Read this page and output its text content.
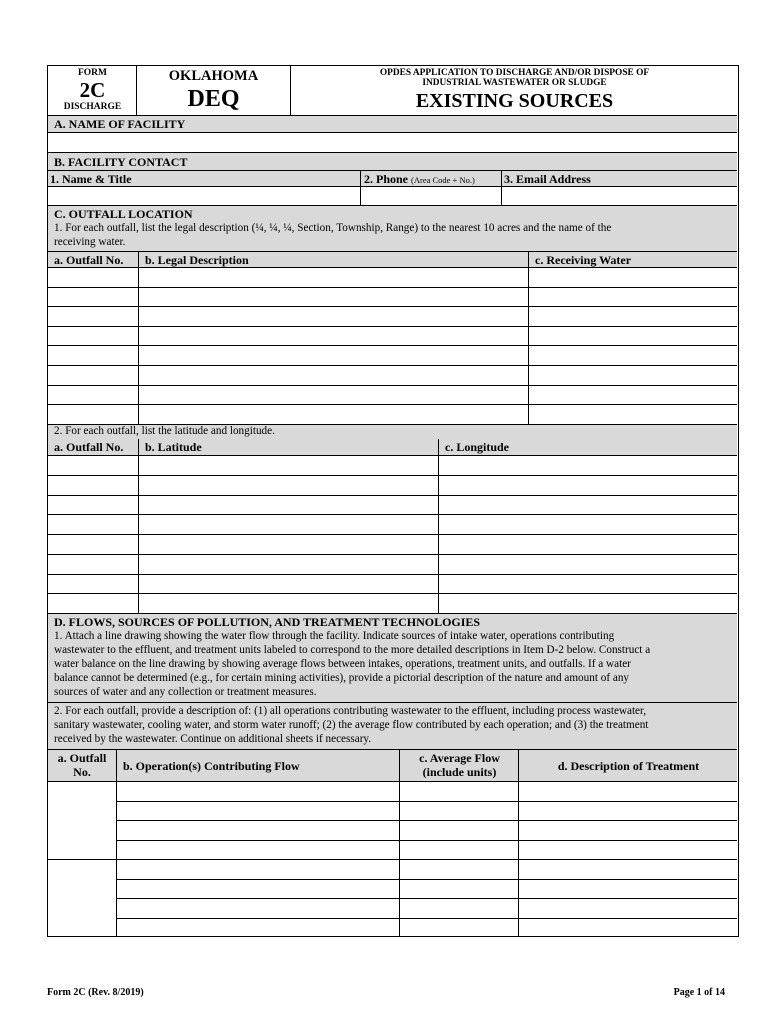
FORM
2C
DISCHARGE
OKLAHOMA
DEQ
OPDES APPLICATION TO DISCHARGE AND/OR DISPOSE OF
INDUSTRIAL WASTEWATER OR SLUDGE
EXISTING SOURCES
A. NAME OF FACILITY
B. FACILITY CONTACT
1. Name & Title	2. Phone (Area Code + No.) 3. Email Address
C. OUTFALL LOCATION
1. For each outfall, list the legal description (¼, ¼, ¼, Section, Township, Range) to the nearest 10 acres and the name of the
receiving water.
a. Outfall No. b. Legal Description	c. Receiving Water
2. For each outfall, list the latitude and longitude.
a. Outfall No. b. Latitude	c. Longitude
D. FLOWS, SOURCES OF POLLUTION, AND TREATMENT TECHNOLOGIES
1. Attach a line drawing showing the water flow through the facility. Indicate sources of intake water, operations contributing
wastewater to the effluent, and treatment units labeled to correspond to the more detailed descriptions in Item D-2 below. Construct a
water balance on the line drawing by showing average flows between intakes, operations, treatment units, and outfalls. If a water
balance cannot be determined (e.g., for certain mining activities), provide a pictorial description of the nature and amount of any
sources of water and any collection or treatment measures.
2. For each outfall, provide a description of: (1) all operations contributing wastewater to the effluent, including process wastewater,
sanitary wastewater, cooling water, and storm water runoff; (2) the average flow contributed by each operation; and (3) the treatment
received by the wastewater. Continue on additional sheets if necessary.
a. Outfall
No.	b. Operation(s) Contributing Flow
c. Average Flow
(include units)	d. Description of Treatment
Form 2C (Rev. 8/2019)	Page 1 of 14
